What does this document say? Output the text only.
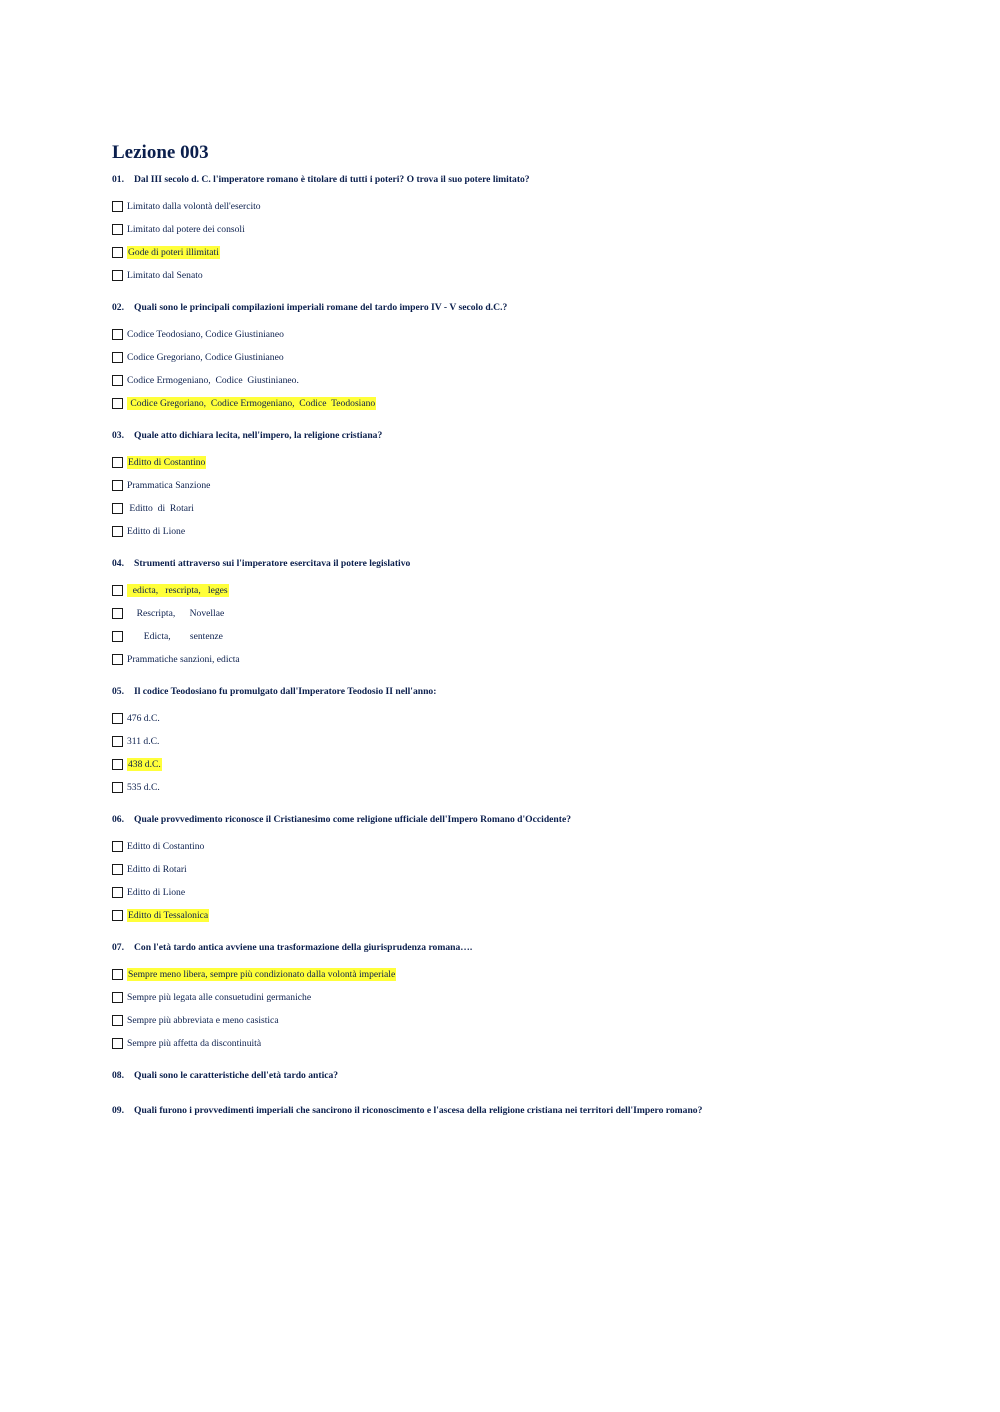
Lezione 003
01. Dal III secolo d. C. l'imperatore romano è titolare di tutti i poteri? O trova il suo potere limitato?
Limitato dalla volontà dell'esercito
Limitato dal potere dei consoli
Gode di poteri illimitati
Limitato dal Senato
02. Quali sono le principali compilazioni imperiali romane del tardo impero IV - V secolo d.C.?
Codice Teodosiano, Codice Giustinianeo
Codice Gregoriano, Codice Giustinianeo
Codice Ermogeniano,  Codice  Giustinianeo.
Codice Gregoriano,  Codice Ermogeniano,  Codice  Teodosiano
03. Quale atto dichiara lecita, nell'impero, la religione cristiana?
Editto di Costantino
Prammatica Sanzione
Editto  di  Rotari
Editto di Lione
04. Strumenti attraverso sui l'imperatore esercitava il potere legislativo
edicta,   rescripta,   leges
Rescripta,      Novellae
Edicta,        sentenze
Prammatiche sanzioni, edicta
05. Il codice Teodosiano fu promulgato dall'Imperatore Teodosio II nell'anno:
476 d.C.
311 d.C.
438 d.C.
535 d.C.
06. Quale provvedimento riconosce il Cristianesimo come religione ufficiale dell'Impero Romano d'Occidente?
Editto di Costantino
Editto di Rotari
Editto di Lione
Editto di Tessalonica
07. Con l'età tardo antica avviene una trasformazione della giurisprudenza romana….
Sempre meno libera, sempre più condizionato dalla volontà imperiale
Sempre più legata alle consuetudini germaniche
Sempre più abbreviata e meno casistica
Sempre più affetta da discontinuità
08. Quali sono le caratteristiche dell'età tardo antica?
09. Quali furono i provvedimenti imperiali che sancirono il riconoscimento e l'ascesa della religione cristiana nei territori dell'Impero romano?
